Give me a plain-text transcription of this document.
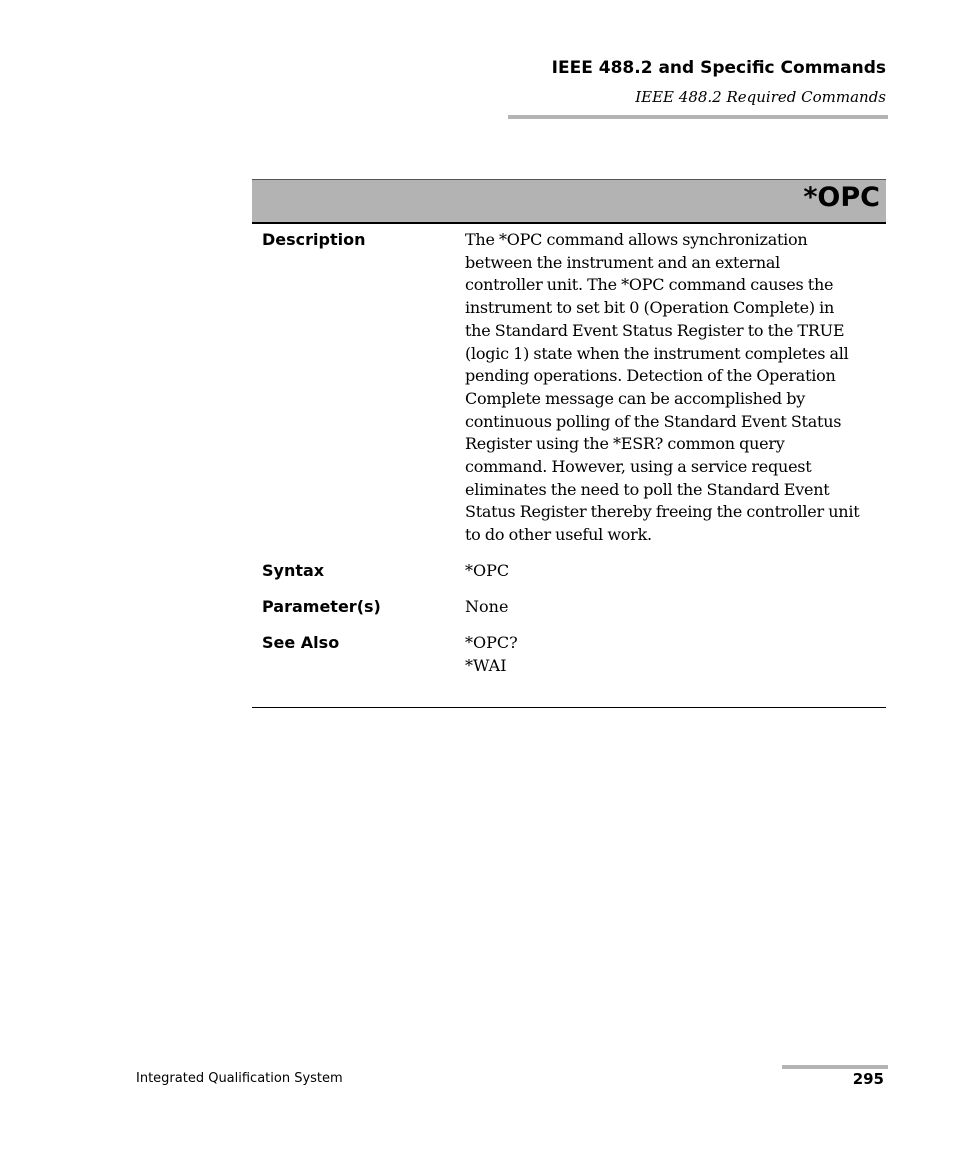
IEEE 488.2 and Specific Commands
IEEE 488.2 Required Commands
*OPC
Description	The *OPC command allows synchronization
between the instrument and an external
controller unit. The *OPC command causes the
instrument to set bit 0 (Operation Complete) in
the Standard Event Status Register to the TRUE
(logic 1) state when the instrument completes all
pending operations. Detection of the Operation
Complete message can be accomplished by
continuous polling of the Standard Event Status
Register using the *ESR? common query
command. However, using a service request
eliminates the need to poll the Standard Event
Status Register thereby freeing the controller unit
to do other useful work.
Syntax	*OPC
Parameter(s)	None
See Also	*OPC?
*WAI
Integrated Qualification System	295
